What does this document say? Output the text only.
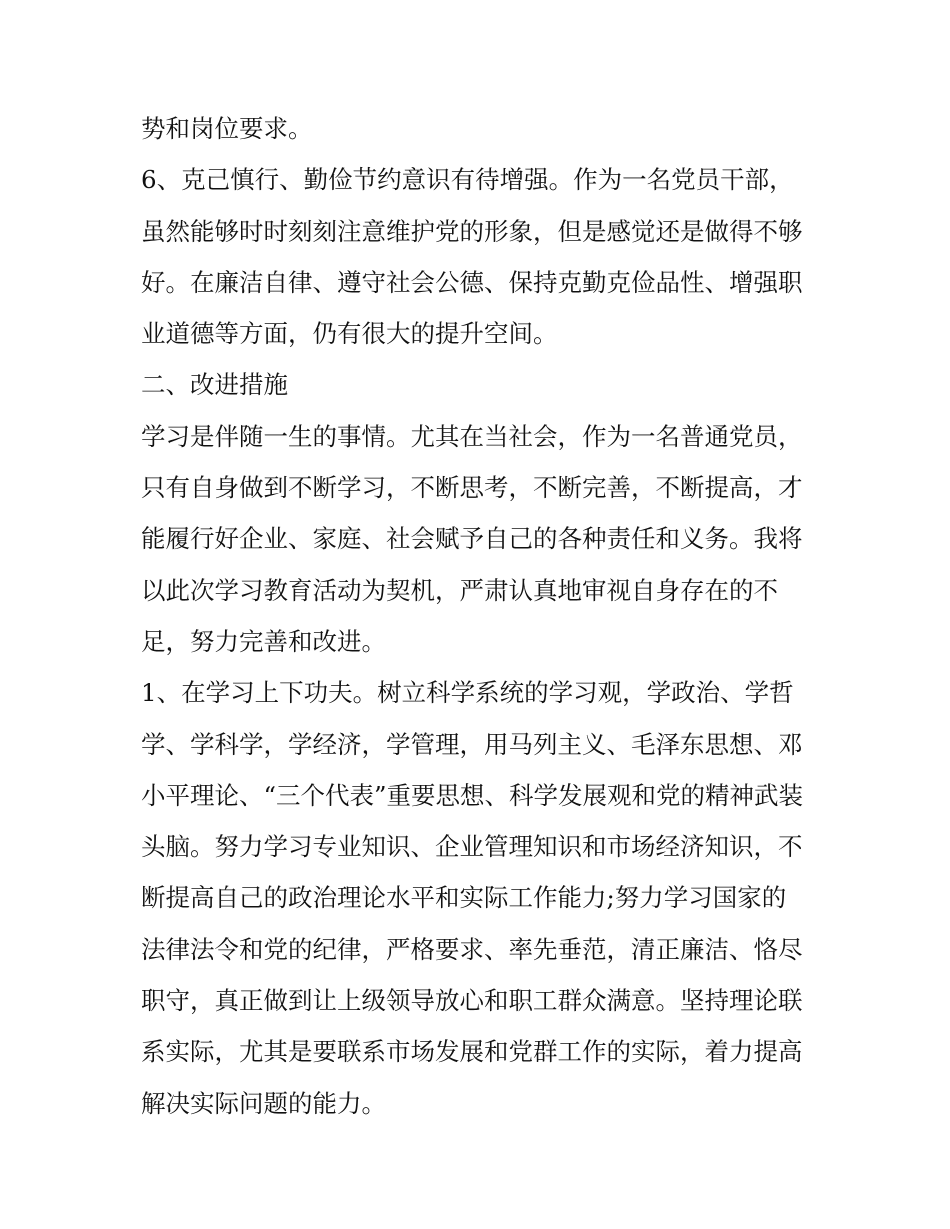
势和岗位要求。
6、克己慎行、勤俭节约意识有待增强。作为一名党员干部，
虽然能够时时刻刻注意维护党的形象，但是感觉还是做得不够
好。在廉洁自律、遵守社会公德、保持克勤克俭品性、增强职
业道德等方面，仍有很大的提升空间。
二、改进措施
学习是伴随一生的事情。尤其在当社会，作为一名普通党员，
只有自身做到不断学习，不断思考，不断完善，不断提高，才
能履行好企业、家庭、社会赋予自己的各种责任和义务。我将
以此次学习教育活动为契机，严肃认真地审视自身存在的不
足，努力完善和改进。
1、在学习上下功夫。树立科学系统的学习观，学政治、学哲
学、学科学，学经济，学管理，用马列主义、毛泽东思想、邓
小平理论、“三个代表”重要思想、科学发展观和党的精神武装
头脑。努力学习专业知识、企业管理知识和市场经济知识，不
断提高自己的政治理论水平和实际工作能力;努力学习国家的
法律法令和党的纪律，严格要求、率先垂范，清正廉洁、恪尽
职守，真正做到让上级领导放心和职工群众满意。坚持理论联
系实际，尤其是要联系市场发展和党群工作的实际，着力提高
解决实际问题的能力。
